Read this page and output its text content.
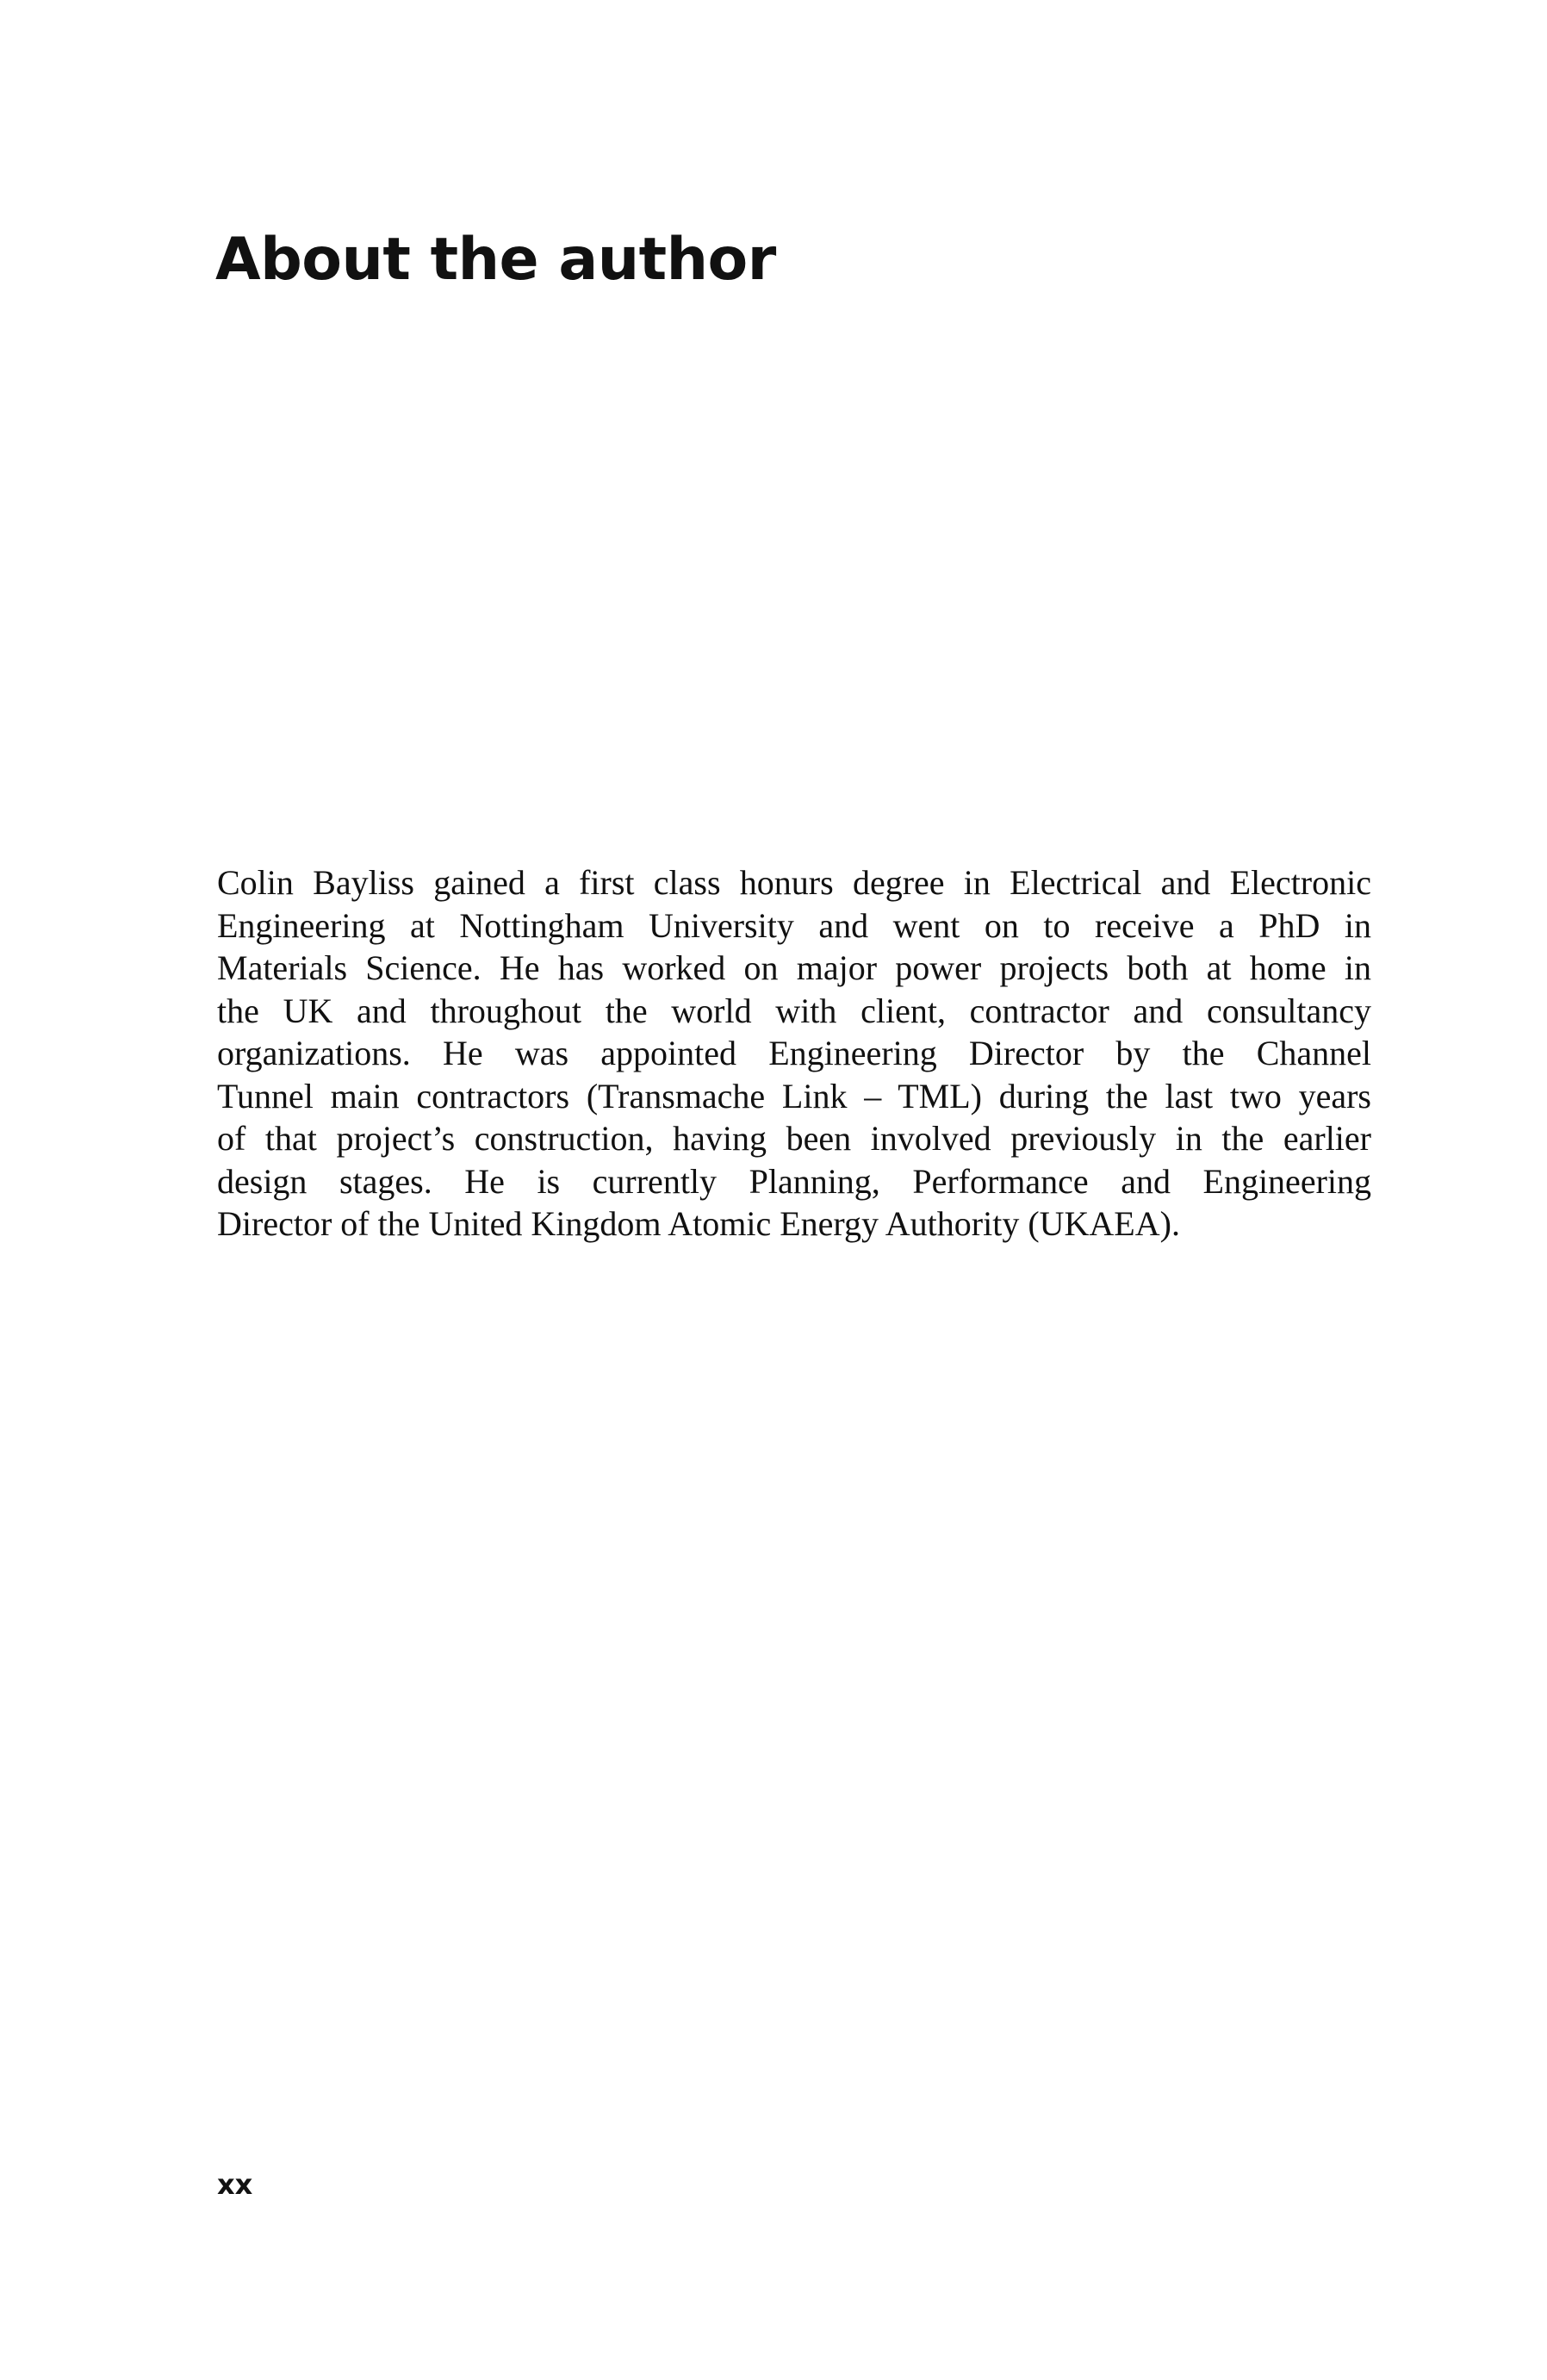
About the author

Colin Bayliss gained a first class honurs degree in Electrical and Electronic
Engineering at Nottingham University and went on to receive a PhD in
Materials Science. He has worked on major power projects both at home in
the UK and throughout the world with client, contractor and consultancy
organizations. He was appointed Engineering Director by the Channel
Tunnel main contractors (Transmache Link – TML) during the last two years
of that project’s construction, having been involved previously in the earlier
design stages. He is currently Planning, Performance and Engineering
Director of the United Kingdom Atomic Energy Authority (UKAEA).

xx
